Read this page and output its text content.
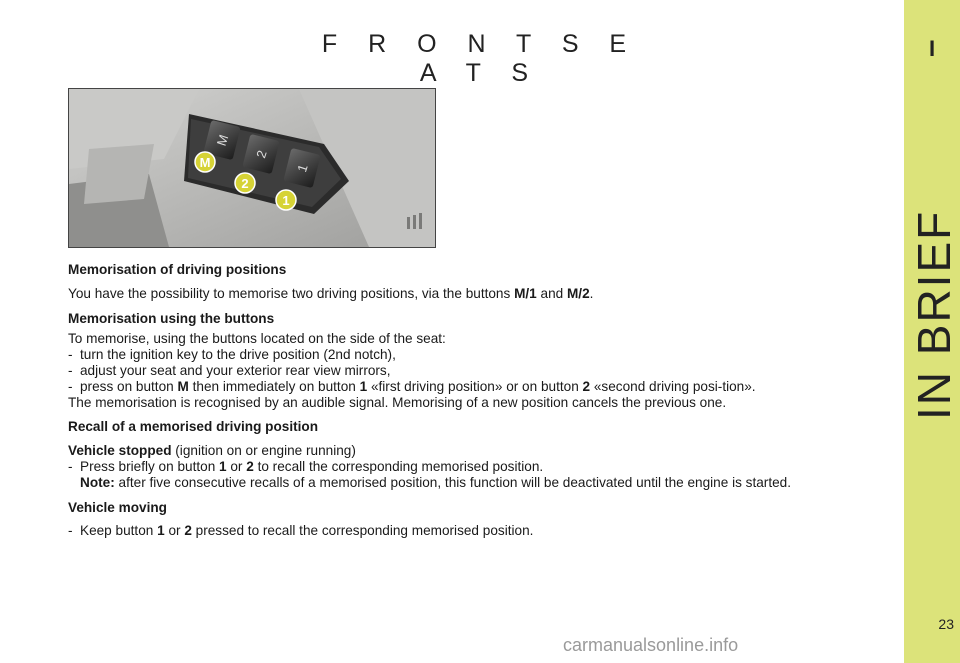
I
IN BRIEF
23
F R O N T S E A T S
M
2
1
M
2
1

Memorisation of driving positions

You have the possibility to memorise two driving positions, via the buttons M/1 and M/2.

Memorisation using the buttons

To memorise, using the buttons located on the side of the seat:

- turn the ignition key to the drive position (2nd notch),

- adjust your seat and your exterior rear view mirrors,

- press on button M then immediately on button 1 «first driving position» or on button 2 «second driving posi-tion».

The memorisation is recognised by an audible signal. Memorising of a new position cancels the previous one.

Recall of a memorised driving position

Vehicle stopped (ignition on or engine running)

- Press briefly on button 1 or 2 to recall the corresponding memorised position.

Note: after five consecutive recalls of a memorised position, this function will be deactivated until the engine is started.

Vehicle moving

- Keep button 1 or 2 pressed to recall the corresponding memorised position.

carmanualsonline.info
